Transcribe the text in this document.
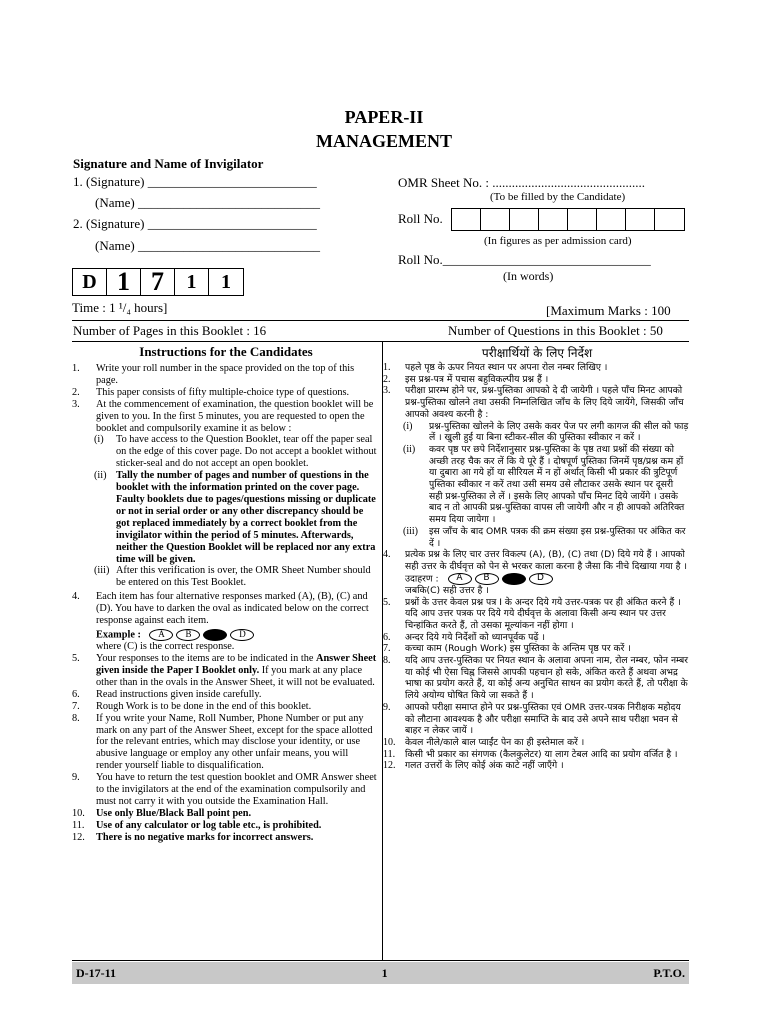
PAPER-II
MANAGEMENT
Signature and Name of Invigilator
1. (Signature) __________________________
(Name) ____________________________
2. (Signature) __________________________
(Name) ____________________________
OMR Sheet No. : ...............................................
(To be filled by the Candidate)
Roll No.
(In figures as per admission card)
Roll No.________________________________
(In words)
D 1 7	1	1
Time : 1 ¹/₄ hours]	[Maximum Marks : 100
Number of Pages in this Booklet : 16	Number of Questions in this Booklet : 50
Instructions for the Candidates	परीक्षार्थियों के लिए निर्देश
1.	Write your roll number in the space provided on the top of this page.
2.	This paper consists of fifty multiple-choice type of questions.
3.	At the commencement of examination, the question booklet will be given to you. In the first 5 minutes, you are requested to open the booklet and compulsorily examine it as below :
(i)	To have access to the Question Booklet, tear off the paper seal on the edge of this cover page. Do not accept a booklet without sticker-seal and do not accept an open booklet.
(ii) Tally the number of pages and number of questions in the booklet with the information printed on the cover page. Faulty booklets due to pages/questions missing or duplicate or not in serial order or any other discrepancy should be got replaced immediately by a correct booklet from the invigilator within the period of 5 minutes. Afterwards, neither the Question Booklet will be replaced nor any extra time will be given.
(iii) After this verification is over, the OMR Sheet Number should be entered on this Test Booklet.
4.	Each item has four alternative responses marked (A), (B), (C) and (D). You have to darken the oval as indicated below on the correct response against each item.
Example :	A	B	D
where (C) is the correct response.
5.	Your responses to the items are to be indicated in the Answer Sheet given inside the Paper I Booklet only. If you mark at any place other than in the ovals in the Answer Sheet, it will not be evaluated.
6.	Read instructions given inside carefully.
7.	Rough Work is to be done in the end of this booklet.
8.	If you write your Name, Roll Number, Phone Number or put any mark on any part of the Answer Sheet, except for the space allotted for the relevant entries, which may disclose your identity, or use abusive language or employ any other unfair means, you will render yourself liable to disqualification.
9.	You have to return the test question booklet and OMR Answer sheet to the invigilators at the end of the examination compulsorily and must not carry it with you outside the Examination Hall.
10.	Use only Blue/Black Ball point pen.
11.	Use of any calculator or log table etc., is prohibited.
12.	There is no negative marks for incorrect answers.
1.	पहले पृष्ठ के ऊपर नियत स्थान पर अपना रोल नम्बर लिखिए ।
2.	इस प्रश्न-पत्र में पचास बहुविकल्पीय प्रश्न हैं ।
3.	परीक्षा प्रारम्भ होने पर, प्रश्न-पुस्तिका आपको दे दी जायेगी । पहले पाँच मिनट आपको प्रश्न-पुस्तिका खोलने तथा उसकी निम्नलिखित जाँच के लिए दिये जायेंगे, जिसकी जाँच आपको अवश्य करनी है :
(i)	प्रश्न-पुस्तिका खोलने के लिए उसके कवर पेज पर लगी कागज की सील को फाड़ लें । खुली हुई या बिना स्टीकर-सील की पुस्तिका स्वीकार न करें ।
(ii)	कवर पृष्ठ पर छपे निर्देशानुसार प्रश्न-पुस्तिका के पृष्ठ तथा प्रश्नों की संख्या को अच्छी तरह चैक कर लें कि ये पूरे हैं । दोषपूर्ण पुस्तिका जिनमें पृष्ठ/प्रश्न कम हों या दुबारा आ गये हों या सीरियल में न हों अर्थात् किसी भी प्रकार की त्रुटिपूर्ण पुस्तिका स्वीकार न करें तथा उसी समय उसे लौटाकर उसके स्थान पर दूसरी सही प्रश्न-पुस्तिका ले लें । इसके लिए आपको पाँच मिनट दिये जायेंगे । उसके बाद न तो आपकी प्रश्न-पुस्तिका वापस ली जायेगी और न ही आपको अतिरिक्त समय दिया जायेगा ।
(iii)	इस जाँच के बाद OMR पत्रक की क्रम संख्या इस प्रश्न-पुस्तिका पर अंकित कर दें ।
4.	प्रत्येक प्रश्न के लिए चार उत्तर विकल्प (A), (B), (C) तथा (D) दिये गये हैं । आपको सही उत्तर के दीर्घवृत्त को पेन से भरकर काला करना है जैसा कि नीचे दिखाया गया है ।
उदाहरण :	A	B	D
जबकि(C) सही उत्तर है ।
5.	प्रश्नों के उत्तर केवल प्रश्न पत्र I के अन्दर दिये गये उत्तर-पत्रक पर ही अंकित करने हैं । यदि आप उत्तर पत्रक पर दिये गये दीर्घवृत्त के अलावा किसी अन्य स्थान पर उत्तर चिन्हांकित करते हैं, तो उसका मूल्यांकन नहीं होगा ।
6.	अन्दर दिये गये निर्देशों को ध्यानपूर्वक पढ़ें ।
7.	कच्चा काम (Rough Work) इस पुस्तिका के अन्तिम पृष्ठ पर करें ।
8.	यदि आप उत्तर-पुस्तिका पर नियत स्थान के अलावा अपना नाम, रोल नम्बर, फोन नम्बर या कोई भी ऐसा चिह्न जिससे आपकी पहचान हो सके, अंकित करते हैं अथवा अभद्र भाषा का प्रयोग करते हैं, या कोई अन्य अनुचित साधन का प्रयोग करते हैं, तो परीक्षा के लिये अयोग्य घोषित किये जा सकते हैं ।
9.	आपको परीक्षा समाप्त होने पर प्रश्न-पुस्तिका एवं OMR उत्तर-पत्रक निरीक्षक महोदय को लौटाना आवश्यक है और परीक्षा समाप्ति के बाद उसे अपने साथ परीक्षा भवन से बाहर न लेकर जायें ।
10.	केवल नीले/काले बाल प्वाईंट पेन का ही इस्तेमाल करें ।
11.	किसी भी प्रकार का संगणक (कैलकुलेटर) या लाग टेबल आदि का प्रयोग वर्जित है ।
12.	गलत उत्तरों के लिए कोई अंक काटे नहीं जाएँगे ।
D-17-11	1	P.T.O.
